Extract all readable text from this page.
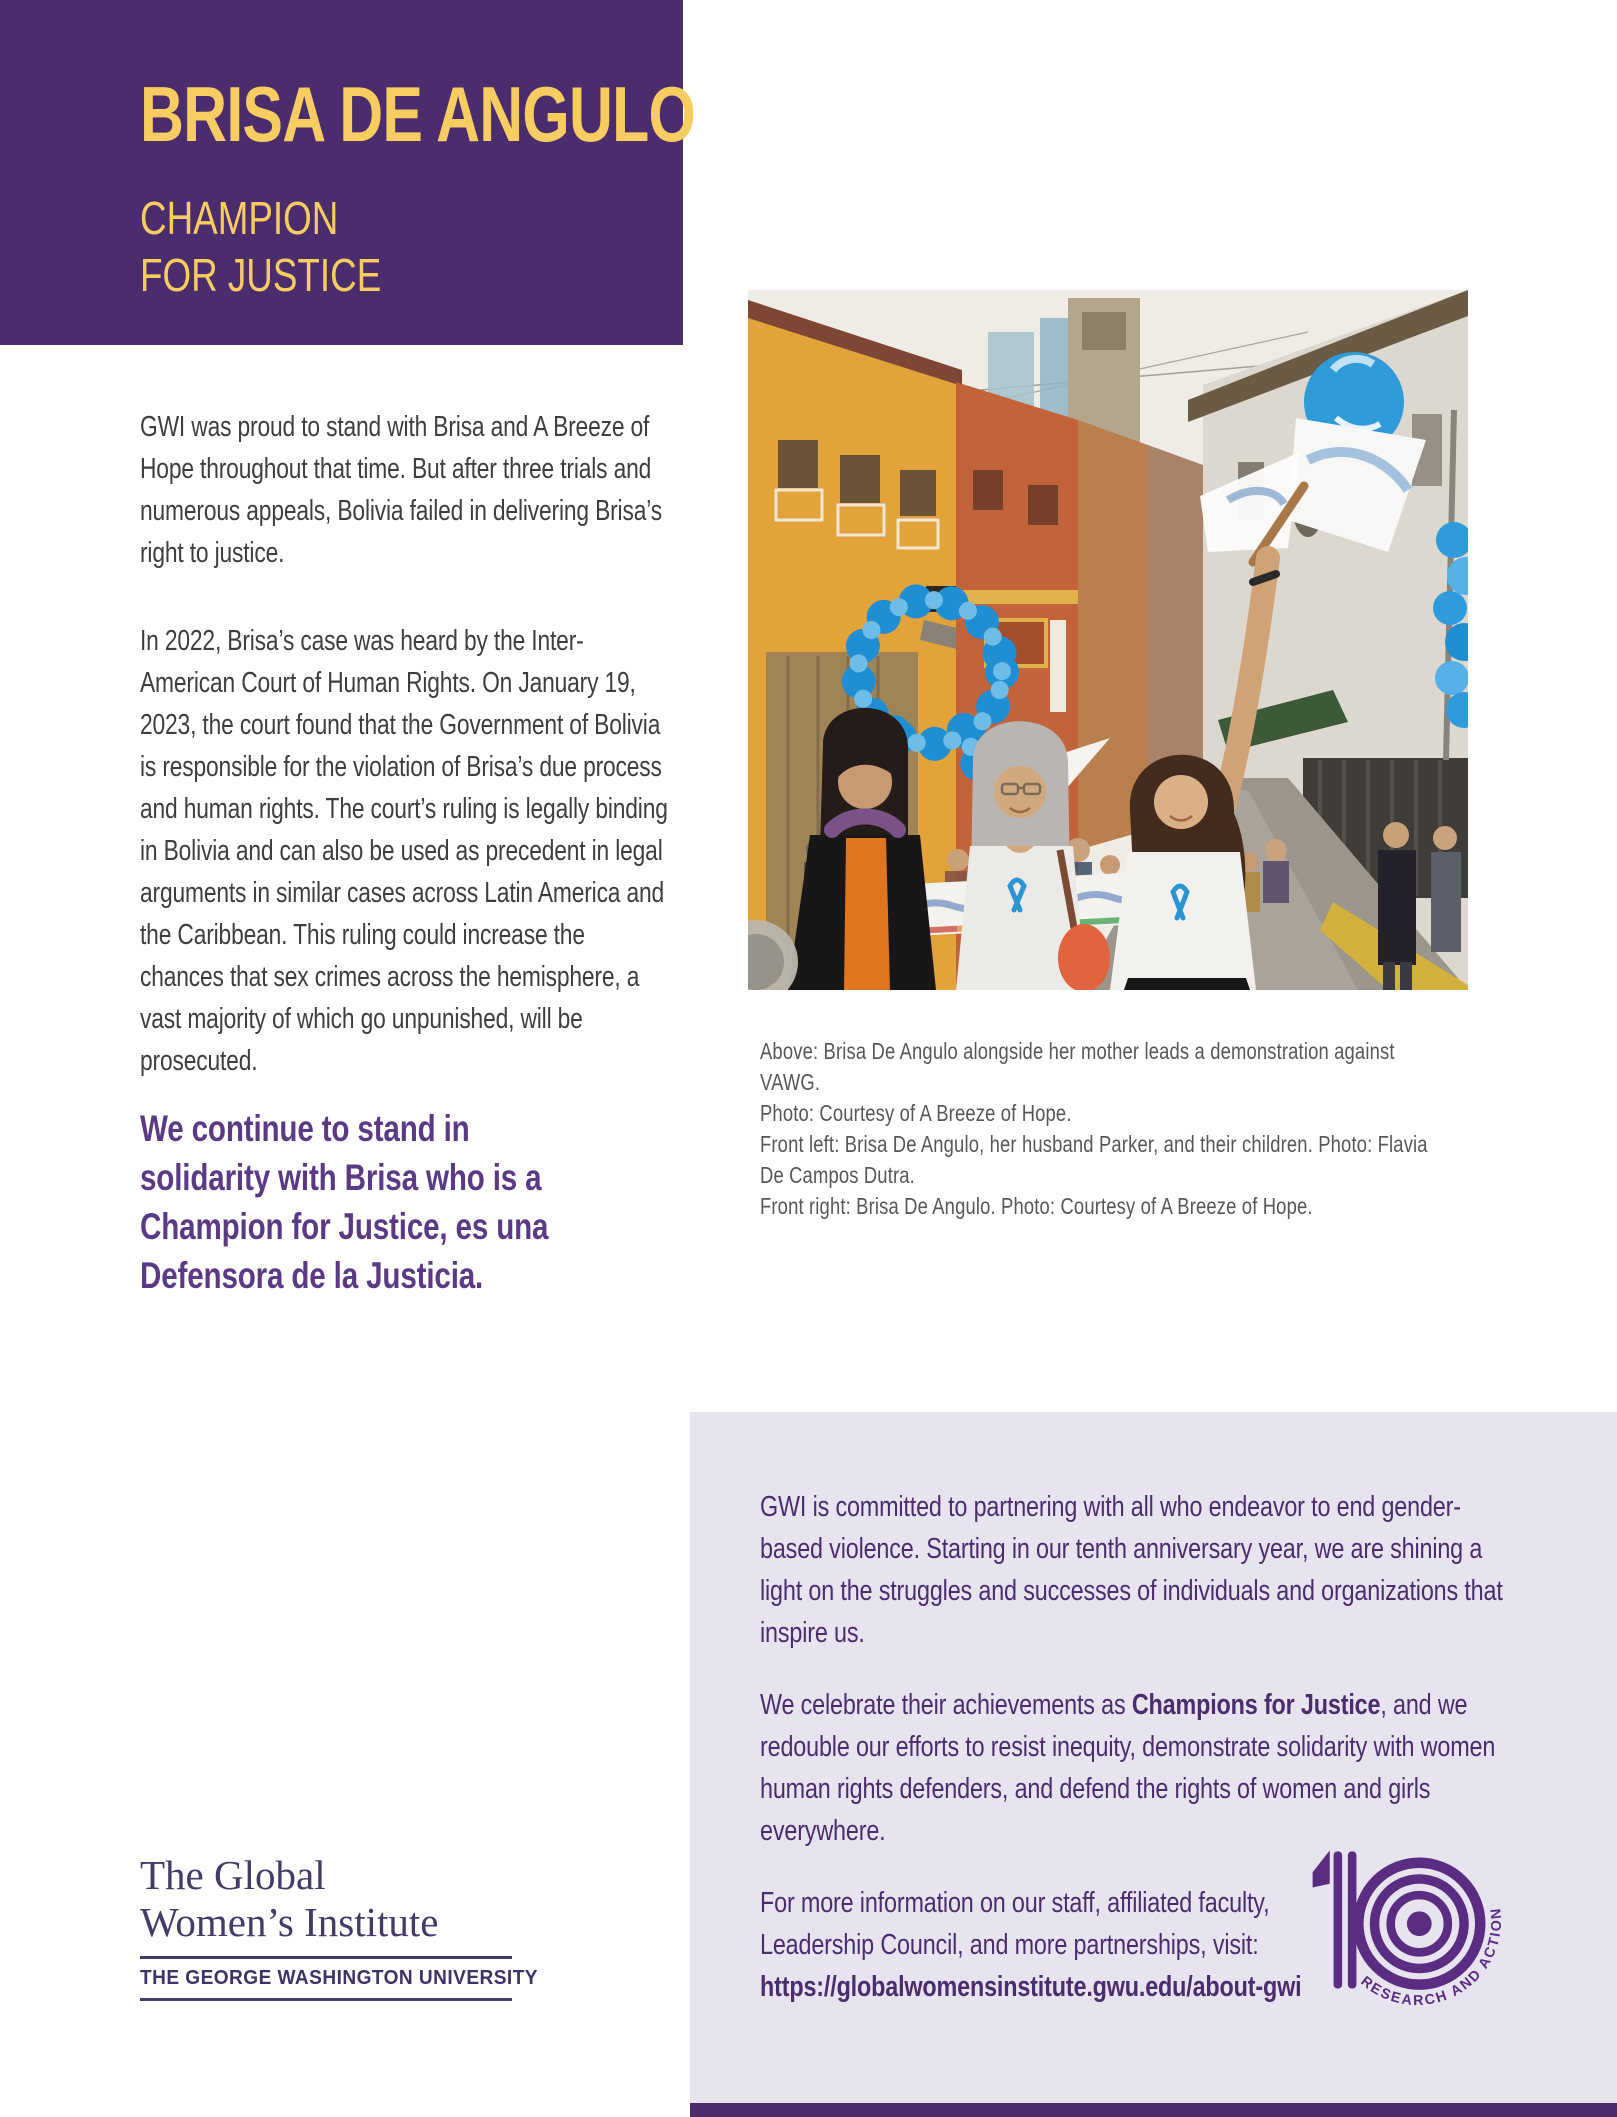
BRISA DE ANGULO
CHAMPION
FOR JUSTICE

GWI was proud to stand with Brisa and A Breeze of Hope throughout that time. But after three trials and numerous appeals, Bolivia failed in delivering Brisa’s right to justice.

In 2022, Brisa’s case was heard by the Inter-American Court of Human Rights. On January 19, 2023, the court found that the Government of Bolivia is responsible for the violation of Brisa’s due process and human rights. The court’s ruling is legally binding in Bolivia and can also be used as precedent in legal arguments in similar cases across Latin America and the Caribbean. This ruling could increase the chances that sex crimes across the hemisphere, a vast majority of which go unpunished, will be prosecuted.

We continue to stand in solidarity with Brisa who is a Champion for Justice, es una Defensora de la Justicia.

Above: Brisa De Angulo alongside her mother leads a demonstration against VAWG.
Photo: Courtesy of A Breeze of Hope.
Front left: Brisa De Angulo, her husband Parker, and their children. Photo: Flavia De Campos Dutra.
Front right: Brisa De Angulo. Photo: Courtesy of A Breeze of Hope.

GWI is committed to partnering with all who endeavor to end gender-based violence. Starting in our tenth anniversary year, we are shining a light on the struggles and successes of individuals and organizations that inspire us.

We celebrate their achievements as Champions for Justice, and we redouble our efforts to resist inequity, demonstrate solidarity with women human rights defenders, and defend the rights of women and girls everywhere.

For more information on our staff, affiliated faculty,
Leadership Council, and more partnerships, visit:
https://globalwomensinstitute.gwu.edu/about-gwi	RESEARCH AND ACTION
The Global
Women’s Institute
THE GEORGE WASHINGTON UNIVERSITY
